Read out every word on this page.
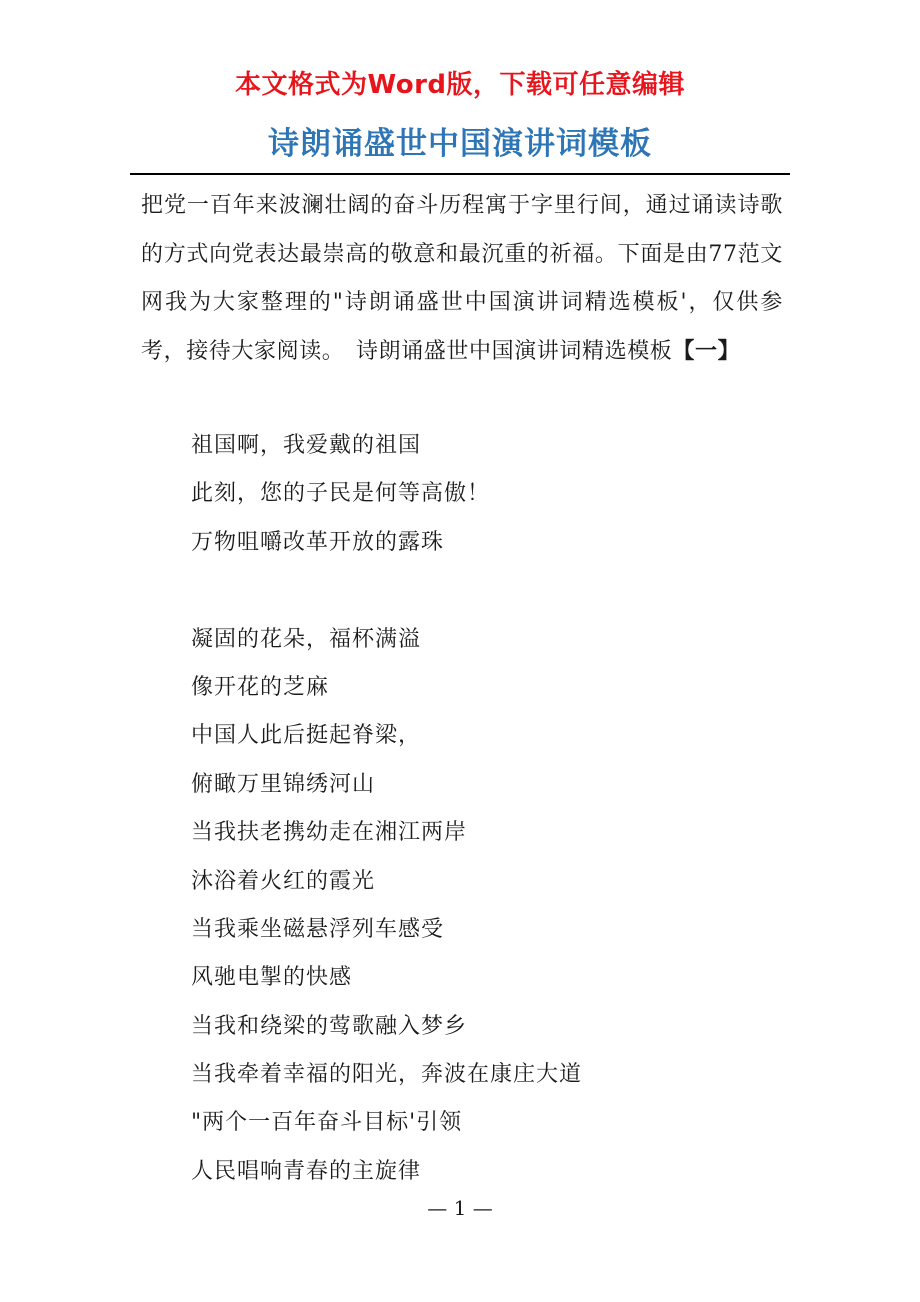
本文格式为Word版，下载可任意编辑
诗朗诵盛世中国演讲词模板
把党一百年来波澜壮阔的奋斗历程寓于字里行间，通过诵读诗歌的方式向党表达最崇高的敬意和最沉重的祈福。下面是由77范文网我为大家整理的"诗朗诵盛世中国演讲词精选模板'，仅供参考，接待大家阅读。　诗朗诵盛世中国演讲词精选模板【一】
祖国啊，我爱戴的祖国
此刻，您的子民是何等高傲！
万物咀嚼改革开放的露珠
凝固的花朵，福杯满溢
像开花的芝麻
中国人此后挺起脊梁，
俯瞰万里锦绣河山
当我扶老携幼走在湘江两岸
沐浴着火红的霞光
当我乘坐磁悬浮列车感受
风驰电掣的快感
当我和绕梁的莺歌融入梦乡
当我牵着幸福的阳光，奔波在康庄大道
"两个一百年奋斗目标'引领
人民唱响青春的主旋律
— 1 —
